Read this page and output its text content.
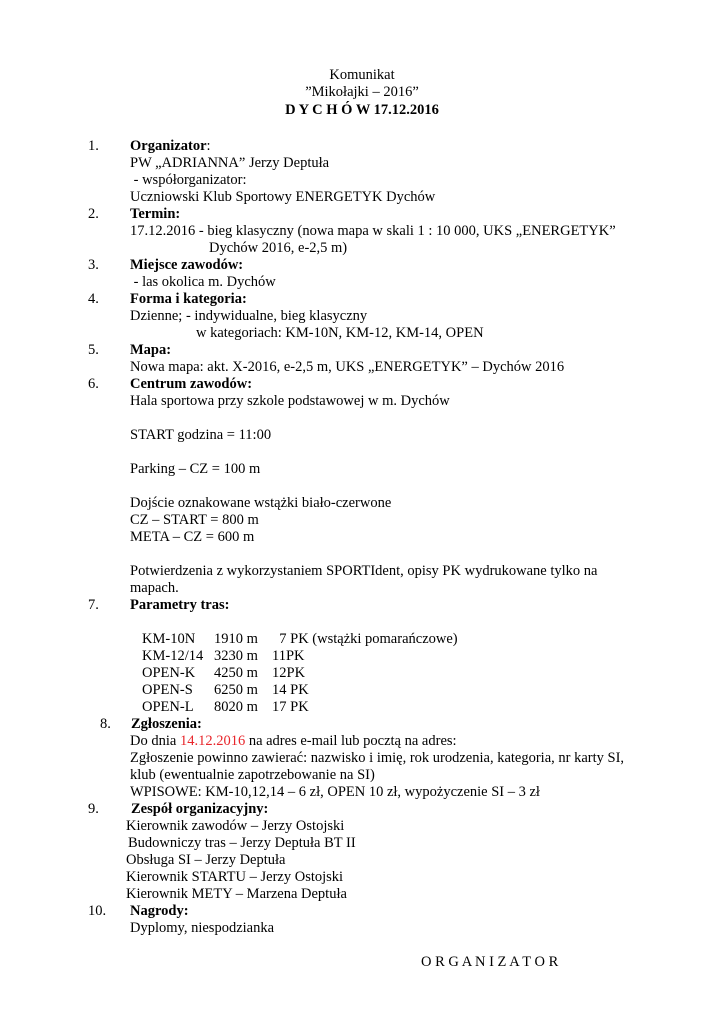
Komunikat
”Mikołajki – 2016”
D Y C H Ó W 17.12.2016
1. Organizator:
PW „ADRIANNA” Jerzy Deptuła
- współorganizator:
Uczniowski Klub Sportowy ENERGETYK Dychów
2. Termin:
17.12.2016 - bieg klasyczny (nowa mapa w skali 1 : 10 000, UKS „ENERGETYK”
Dychów 2016, e-2,5 m)
3. Miejsce zawodów:
- las okolica m. Dychów
4. Forma i kategoria:
Dzienne; - indywidualne, bieg klasyczny
w kategoriach: KM-10N, KM-12, KM-14, OPEN
5. Mapa:
Nowa mapa: akt. X-2016, e-2,5 m, UKS „ENERGETYK” – Dychów 2016
6. Centrum zawodów:
Hala sportowa przy szkole podstawowej w m. Dychów
START godzina = 11:00
Parking – CZ = 100 m
Dojście oznakowane wstążki biało-czerwone
CZ – START = 800 m
META – CZ = 600 m
Potwierdzenia z wykorzystaniem SPORTIdent, opisy PK wydrukowane tylko na
mapach.
7. Parametry tras:
KM-10N 1910 m  7 PK (wstążki pomarańczowe)
KM-12/14 3230 m 11PK
OPEN-K 4250 m 12PK
OPEN-S 6250 m 14 PK
OPEN-L 8020 m 17 PK
8. Zgłoszenia:
Do dnia 14.12.2016 na adres e-mail lub pocztą na adres:
Zgłoszenie powinno zawierać: nazwisko i imię, rok urodzenia, kategoria, nr karty SI,
klub (ewentualnie zapotrzebowanie na SI)
WPISOWE: KM-10,12,14 – 6 zł, OPEN 10 zł, wypożyczenie SI – 3 zł
9. Zespół organizacyjny:
Kierownik zawodów – Jerzy Ostojski
Budowniczy tras – Jerzy Deptuła BT II
Obsługa SI – Jerzy Deptuła
Kierownik STARTU – Jerzy Ostojski
Kierownik METY – Marzena Deptuła
10. Nagrody:
Dyplomy, niespodzianka
O R G A N I Z A T O R
